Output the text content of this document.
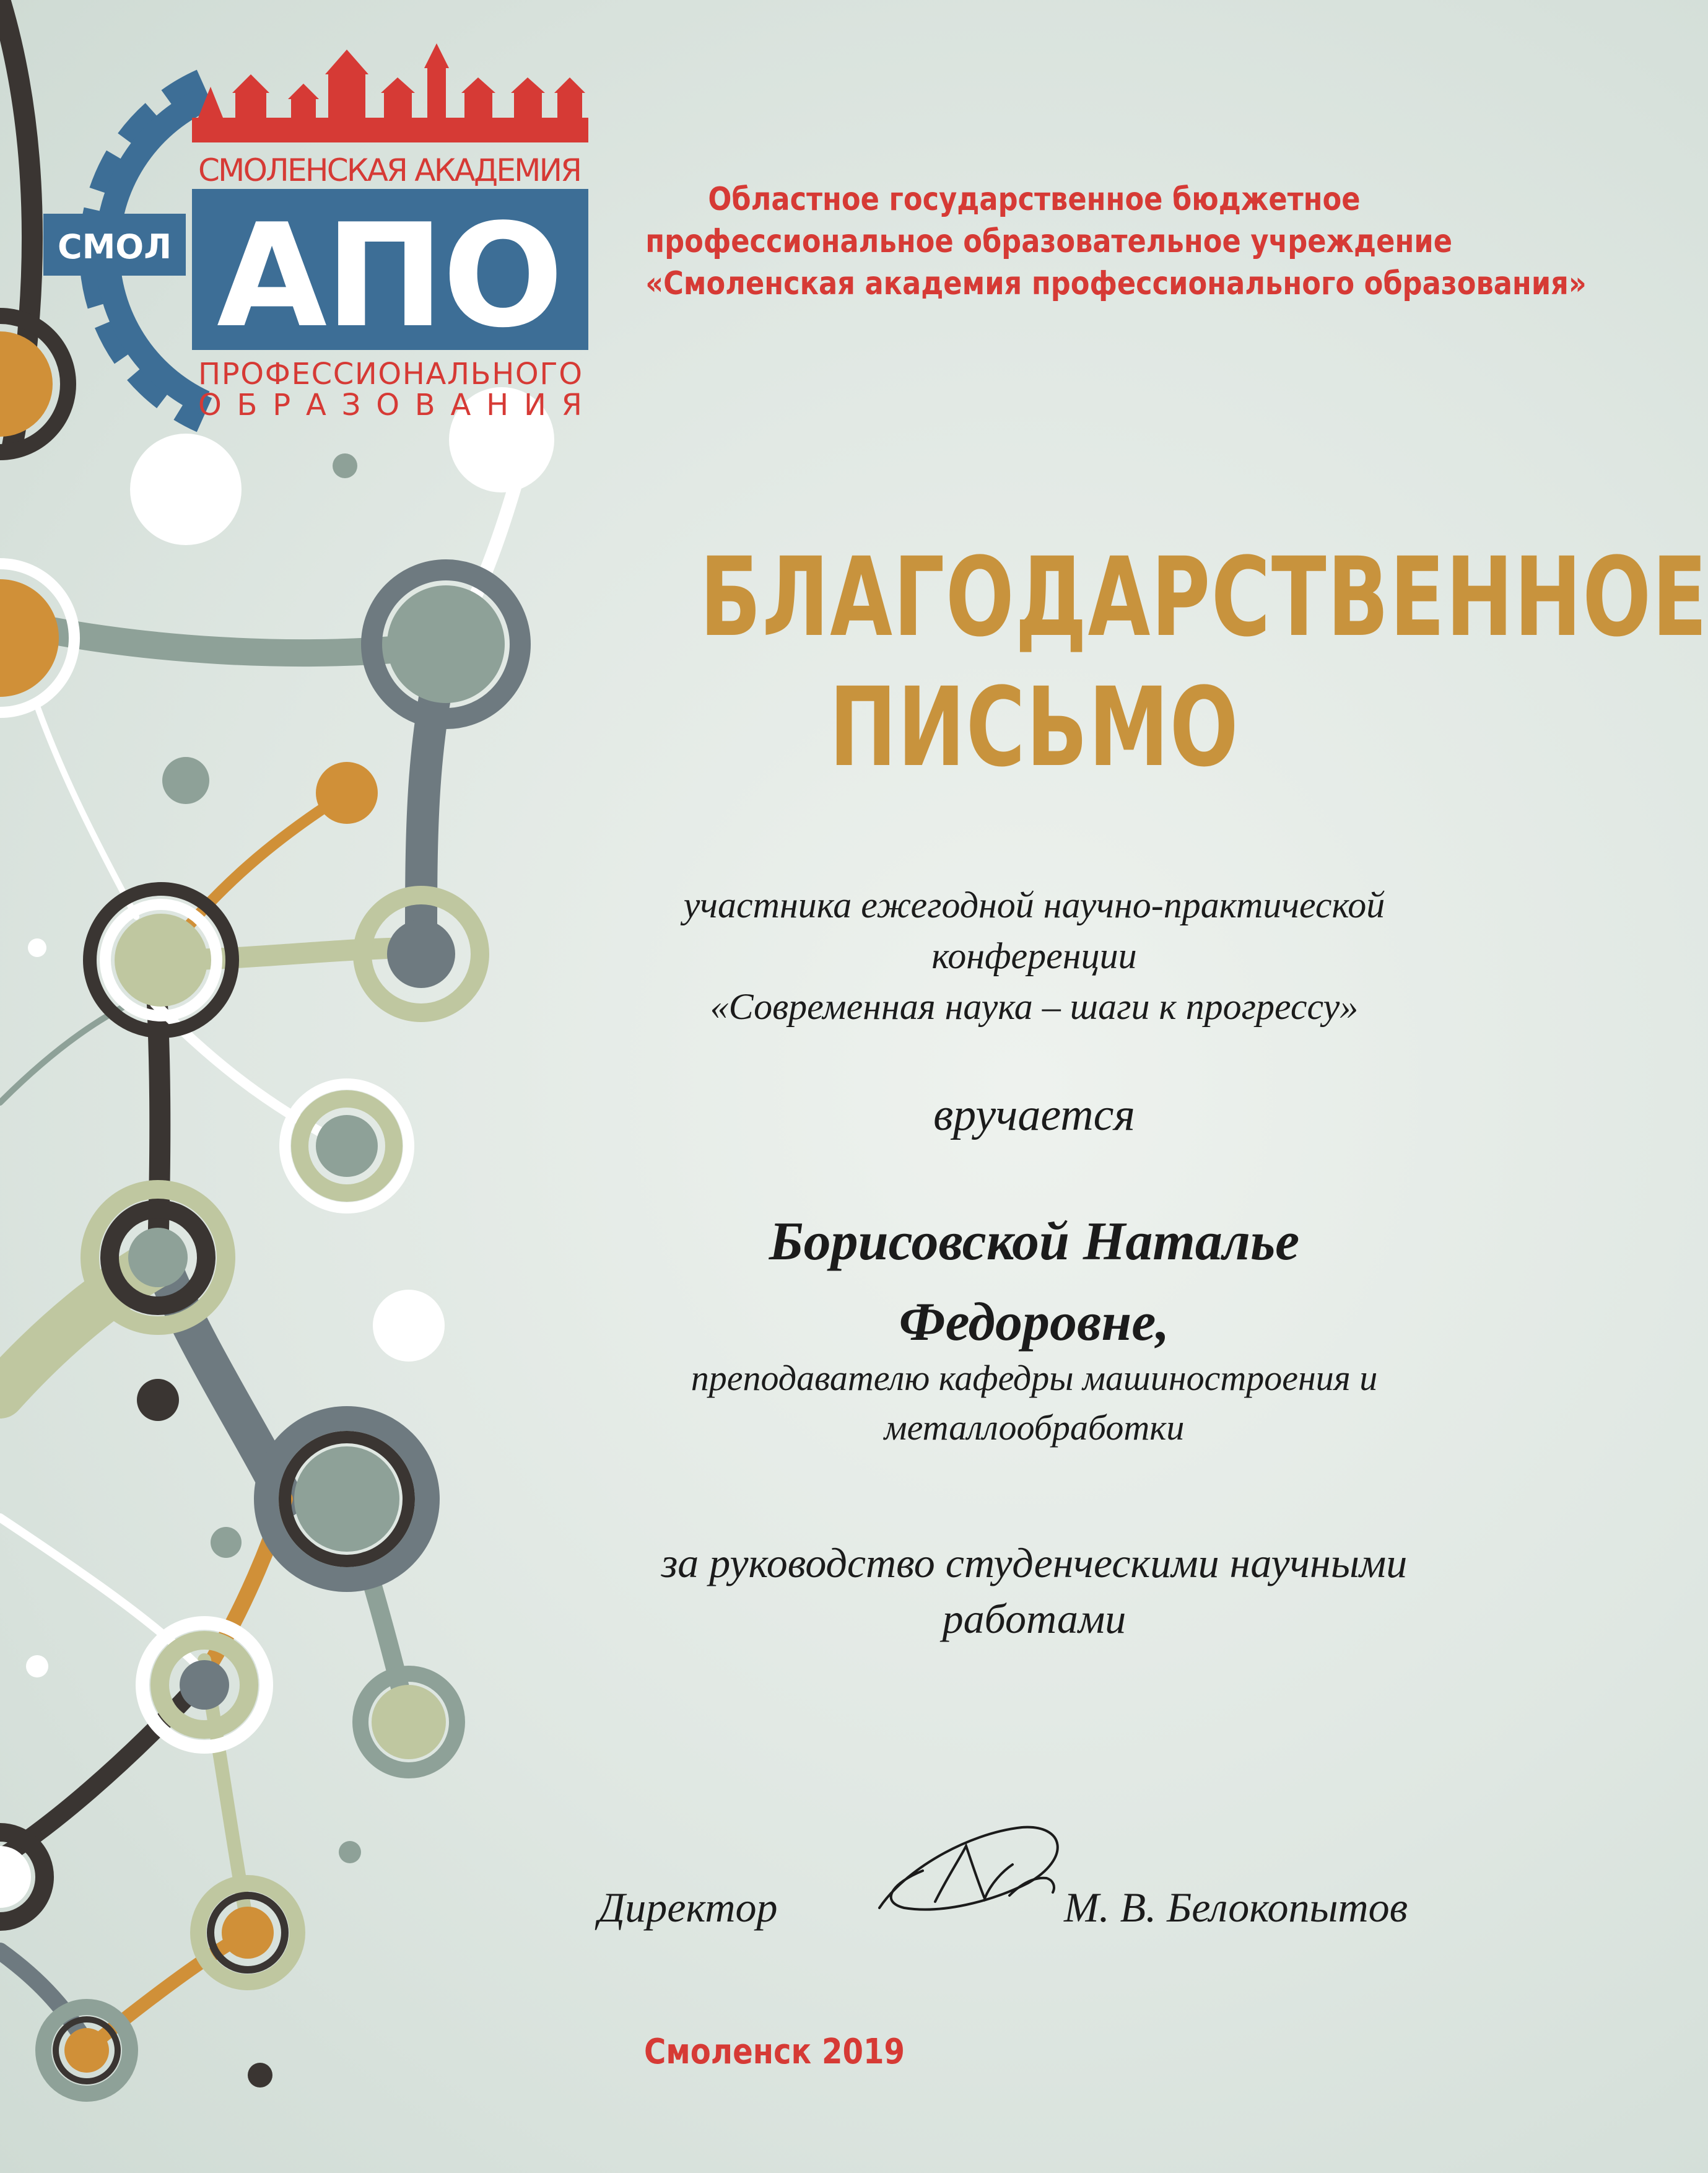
СМОЛ
СМОЛЕНСКАЯ АКАДЕМИЯ
АПО
ПРОФЕССИОНАЛЬНОГО
ОБРАЗОВАНИЯ
Областное государственное бюджетное
профессиональное образовательное учреждение
«Смоленская академия профессионального образования»
БЛАГОДАРСТВЕННОЕ
ПИСЬМО
участника ежегодной научно-практической
конференции
«Современная наука – шаги к прогрессу»
вручается
Борисовской Наталье
Федоровне,
преподавателю кафедры машиностроения и
металлообработки
за руководство студенческими научными
работами
Директор	М. В. Белокопытов
Смоленск 2019
